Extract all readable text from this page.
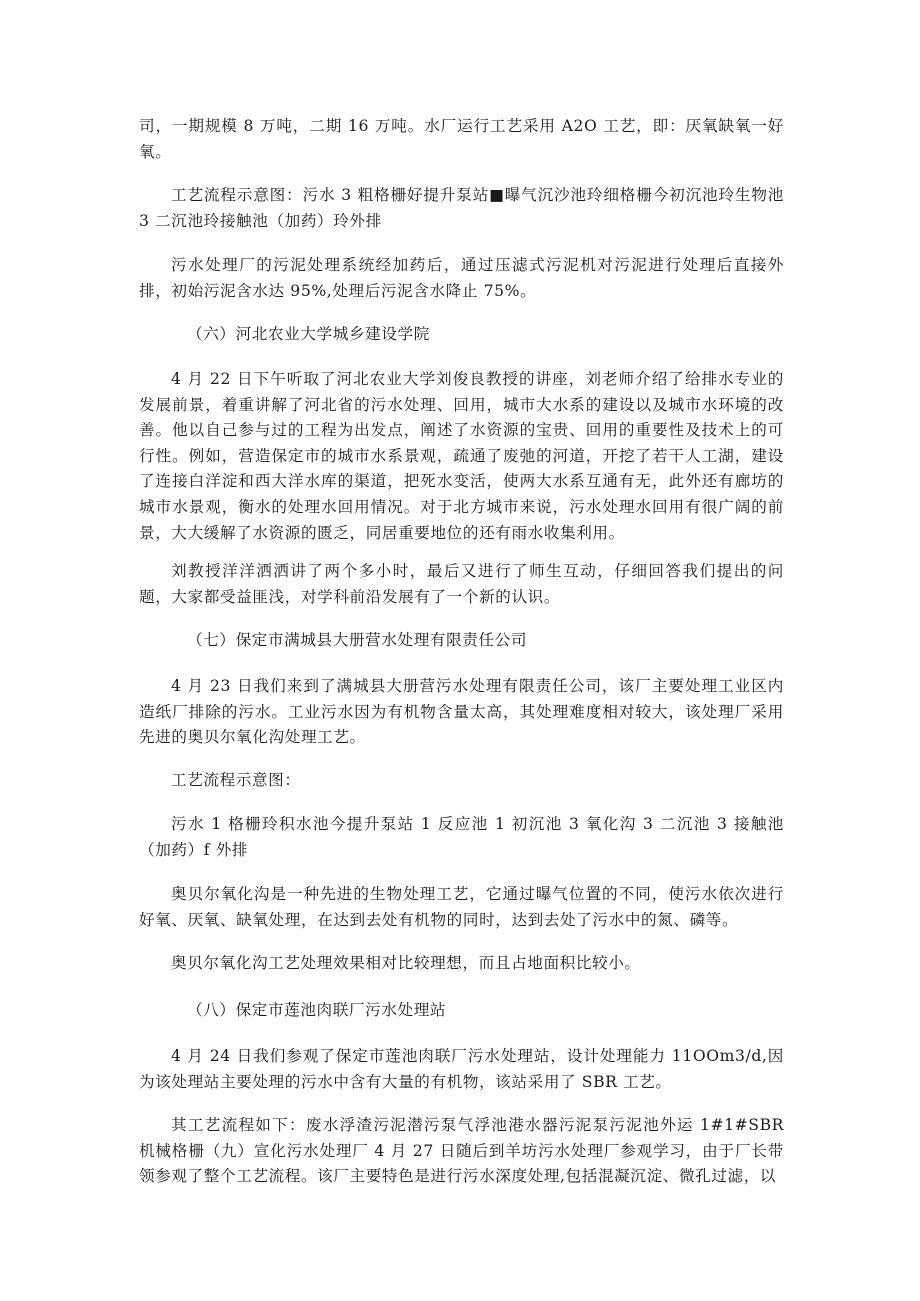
司，一期规模 8 万吨，二期 16 万吨。水厂运行工艺采用 A2O 工艺，即：厌氧缺氧一好氧。

工艺流程示意图：污水 3 粗格栅好提升泵站■曝气沉沙池玲细格栅今初沉池玲生物池 3 二沉池玲接触池（加药）玲外排

污水处理厂的污泥处理系统经加药后，通过压滤式污泥机对污泥进行处理后直接外排，初始污泥含水达 95%,处理后污泥含水降止 75%。

（六）河北农业大学城乡建设学院

4 月 22 日下午听取了河北农业大学刘俊良教授的讲座，刘老师介绍了给排水专业的发展前景，着重讲解了河北省的污水处理、回用，城市大水系的建设以及城市水环境的改善。他以自己参与过的工程为出发点，阐述了水资源的宝贵、回用的重要性及技术上的可行性。例如，营造保定市的城市水系景观，疏通了废弛的河道，开挖了若干人工湖，建设了连接白洋淀和西大洋水库的渠道，把死水变活，使两大水系互通有无，此外还有廊坊的城市水景观，衡水的处理水回用情况。对于北方城市来说，污水处理水回用有很广阔的前景，大大缓解了水资源的匮乏，同居重要地位的还有雨水收集利用。

刘教授洋洋洒洒讲了两个多小时，最后又进行了师生互动，仔细回答我们提出的问题，大家都受益匪浅，对学科前沿发展有了一个新的认识。

（七）保定市满城县大册营水处理有限责任公司

4 月 23 日我们来到了满城县大册营污水处理有限责任公司，该厂主要处理工业区内造纸厂排除的污水。工业污水因为有机物含量太高，其处理难度相对较大，该处理厂采用先进的奥贝尔氧化沟处理工艺。

工艺流程示意图：

污水 1 格栅玲积水池今提升泵站 1 反应池 1 初沉池 3 氧化沟 3 二沉池 3 接触池（加药）f 外排

奥贝尔氧化沟是一种先进的生物处理工艺，它通过曝气位置的不同，使污水依次进行好氧、厌氧、缺氧处理，在达到去处有机物的同时，达到去处了污水中的氮、磷等。

奥贝尔氧化沟工艺处理效果相对比较理想，而且占地面积比较小。

（八）保定市莲池肉联厂污水处理站

4 月 24 日我们参观了保定市莲池肉联厂污水处理站，设计处理能力 11OOm3/d,因为该处理站主要处理的污水中含有大量的有机物，该站采用了 SBR 工艺。

其工艺流程如下：废水浮渣污泥潜污泵气浮池港水器污泥泵污泥池外运 1#1#SBR 机械格栅（九）宣化污水处理厂 4 月 27 日随后到羊坊污水处理厂参观学习，由于厂长带领参观了整个工艺流程。该厂主要特色是进行污水深度处理,包括混凝沉淀、微孔过滤，以
